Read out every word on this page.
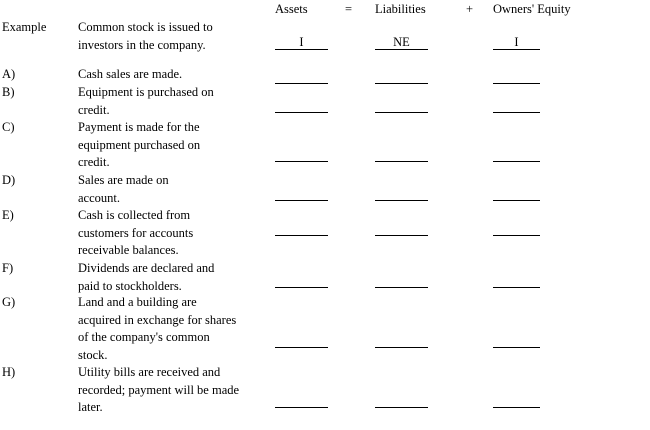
Assets	= Liabilities	+ Owners' Equity
Example	Common stock is issued to
investors in the company.	I	NE	I
A)	Cash sales are made.
B)	Equipment is purchased on
credit.
C)	Payment is made for the
equipment purchased on
credit.
D)	Sales are made on
account.
E)	Cash is collected from
customers for accounts
receivable balances.
F)	Dividends are declared and
paid to stockholders.
G)	Land and a building are
acquired in exchange for shares
of the company's common
stock.
H)	Utility bills are received and
recorded; payment will be made
later.
